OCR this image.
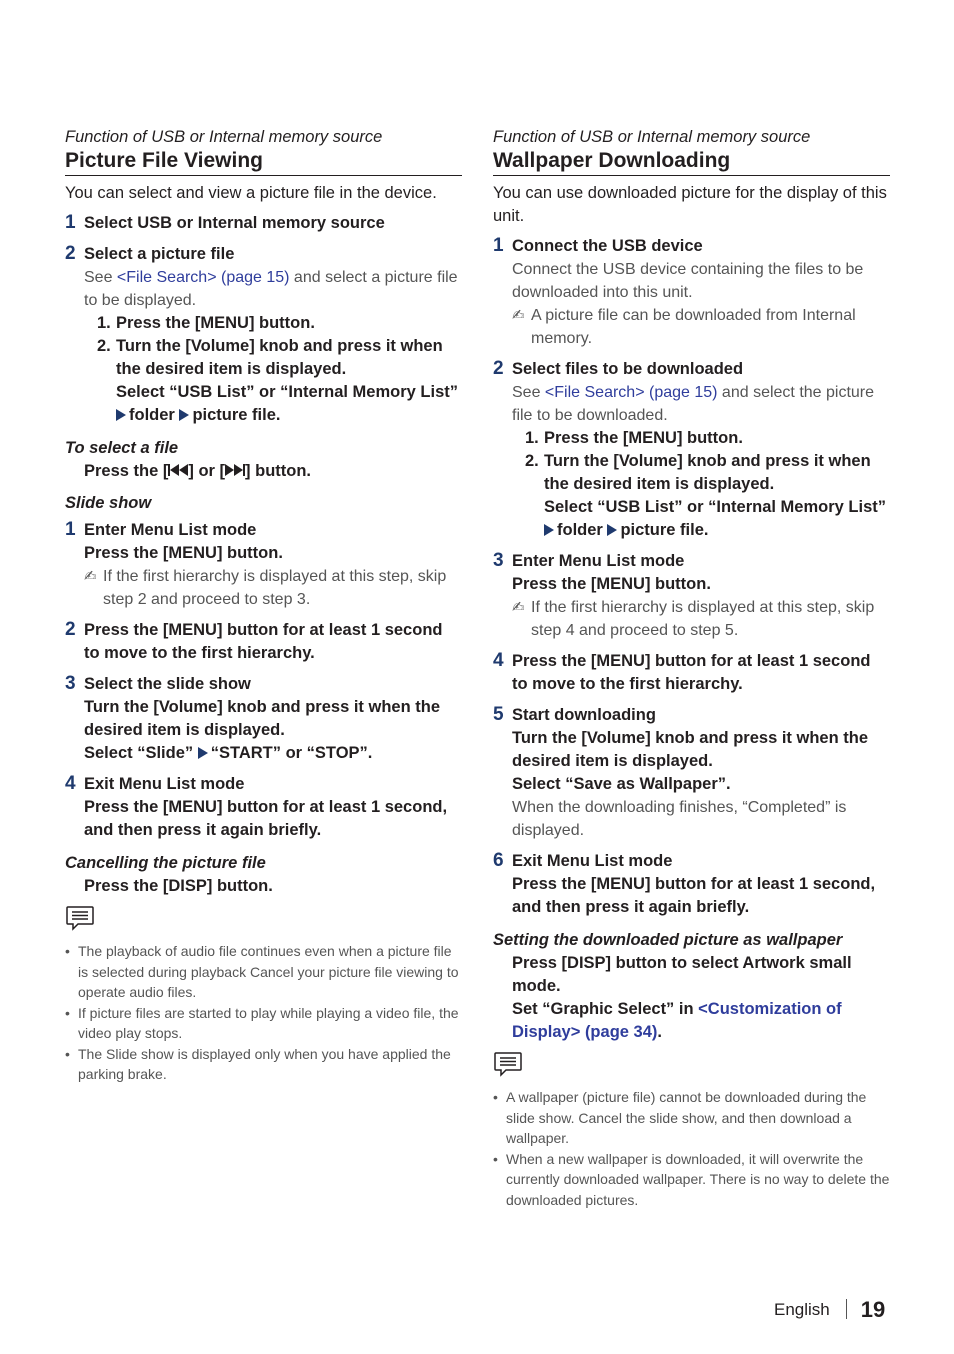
Function of USB or Internal memory source
Picture File Viewing

You can select and view a picture file in the device.

1 Select USB or Internal memory source
2 Select a picture file
See <File Search> (page 15) and select a picture file to be displayed.
1. Press the [MENU] button.
2. Turn the [Volume] knob and press it when the desired item is displayed.
Select “USB List” or “Internal Memory List”
folder picture file.
To select a file
Press the [ ] or [ ] button.
Slide show
1 Enter Menu List mode
Press the [MENU] button.
✍ If the first hierarchy is displayed at this step, skip step 2 and proceed to step 3.
2 Press the [MENU] button for at least 1 second to move to the first hierarchy.
3 Select the slide show
Turn the [Volume] knob and press it when the desired item is displayed.
Select “Slide” “START” or “STOP”.
4 Exit Menu List mode
Press the [MENU] button for at least 1 second, and then press it again briefly.
Cancelling the picture file
Press the [DISP] button.
• The playback of audio file continues even when a picture file is selected during playback Cancel your picture file viewing to operate audio files.
• If picture files are started to play while playing a video file, the video play stops.
• The Slide show is displayed only when you have applied the parking brake.
Function of USB or Internal memory source
Wallpaper Downloading

You can use downloaded picture for the display of this unit.

1 Connect the USB device
Connect the USB device containing the files to be downloaded into this unit.
✍ A picture file can be downloaded from Internal memory.
2 Select files to be downloaded
See <File Search> (page 15) and select the picture file to be downloaded.
1. Press the [MENU] button.
2. Turn the [Volume] knob and press it when the desired item is displayed.
Select “USB List” or “Internal Memory List”
folder picture file.
3 Enter Menu List mode
Press the [MENU] button.
✍ If the first hierarchy is displayed at this step, skip step 4 and proceed to step 5.
4 Press the [MENU] button for at least 1 second to move to the first hierarchy.
5 Start downloading
Turn the [Volume] knob and press it when the desired item is displayed.
Select “Save as Wallpaper”.
When the downloading finishes, “Completed” is displayed.
6 Exit Menu List mode
Press the [MENU] button for at least 1 second, and then press it again briefly.
Setting the downloaded picture as wallpaper
Press [DISP] button to select Artwork small mode.
Set “Graphic Select” in <Customization of Display> (page 34).
• A wallpaper (picture file) cannot be downloaded during the slide show. Cancel the slide show, and then download a wallpaper.
• When a new wallpaper is downloaded, it will overwrite the currently downloaded wallpaper. There is no way to delete the downloaded pictures.
English 19
